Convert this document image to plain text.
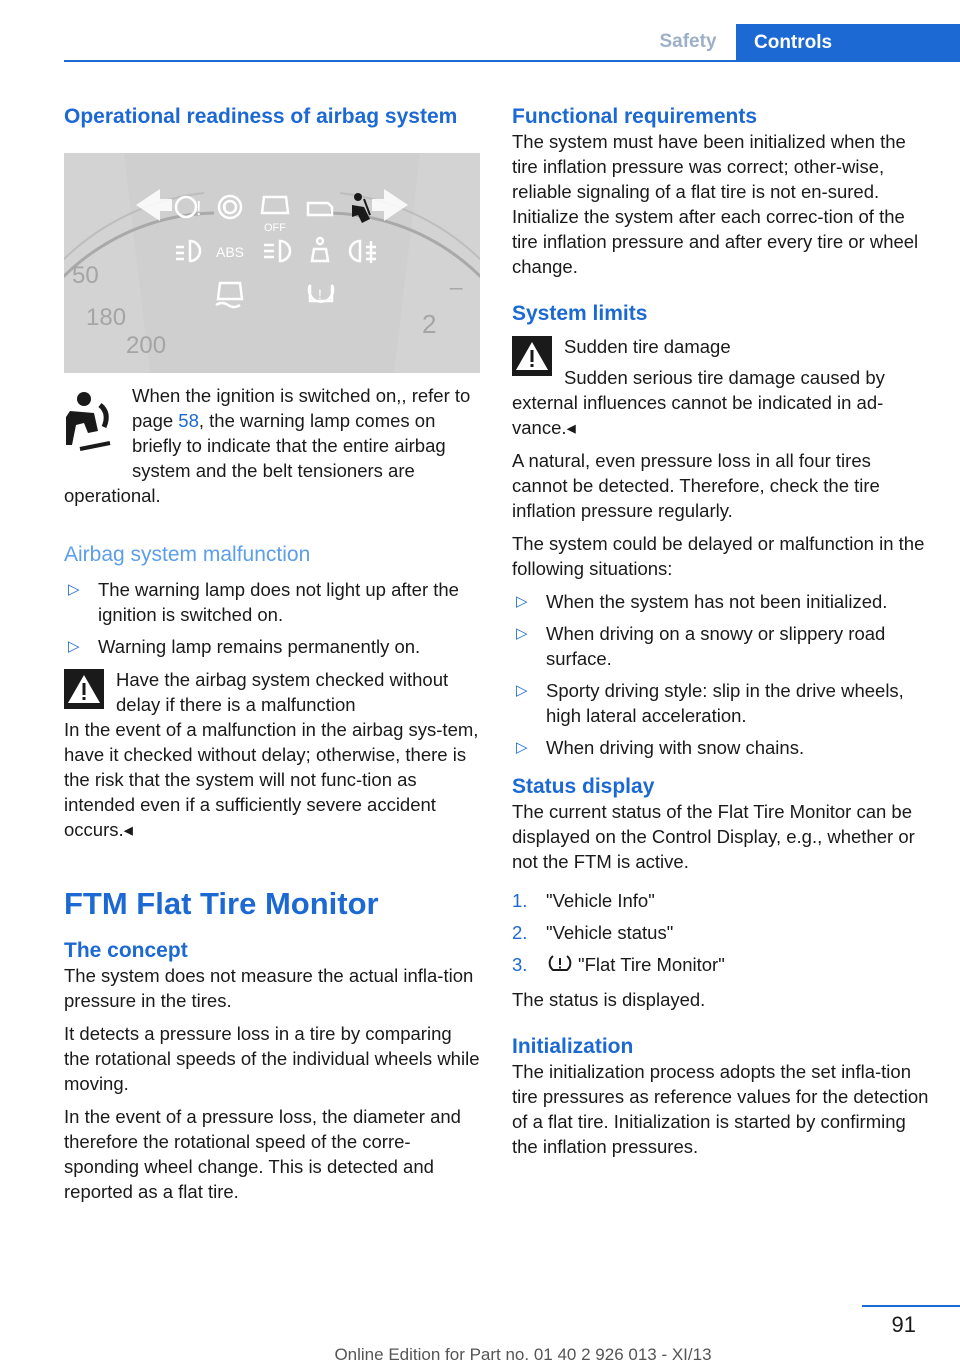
Safety	Controls
Operational readiness of airbag system
50
180
200
2
_
! !
OFF
ABS
!

When the ignition is switched on,, refer to page 58, the warning lamp comes on briefly to indicate that the entire airbag system and the belt tensioners are operational.

Airbag system malfunction
▷ The warning lamp does not light up after the ignition is switched on.
▷ Warning lamp remains permanently on.

Have the airbag system checked without delay if there is a malfunction

In the event of a malfunction in the airbag sys-tem, have it checked without delay; otherwise, there is the risk that the system will not func-tion as intended even if a sufficiently severe accident occurs.◂

FTM Flat Tire Monitor
The concept

The system does not measure the actual infla-tion pressure in the tires.

It detects a pressure loss in a tire by comparing the rotational speeds of the individual wheels while moving.

In the event of a pressure loss, the diameter and therefore the rotational speed of the corre-sponding wheel change. This is detected and reported as a flat tire.

Functional requirements

The system must have been initialized when the tire inflation pressure was correct; other-wise, reliable signaling of a flat tire is not en-sured. Initialize the system after each correc-tion of the tire inflation pressure and after every tire or wheel change.

System limits

Sudden tire damage

Sudden serious tire damage caused by external influences cannot be indicated in ad-vance.◂

A natural, even pressure loss in all four tires cannot be detected. Therefore, check the tire inflation pressure regularly.

The system could be delayed or malfunction in the following situations:

▷ When the system has not been initialized.
▷ When driving on a snowy or slippery road surface.
▷ Sporty driving style: slip in the drive wheels, high lateral acceleration.
▷ When driving with snow chains.
Status display

The current status of the Flat Tire Monitor can be displayed on the Control Display, e.g., whether or not the FTM is active.

1. "Vehicle Info"
2. "Vehicle status"
3.	"Flat Tire Monitor"

The status is displayed.

Initialization

The initialization process adopts the set infla-tion tire pressures as reference values for the detection of a flat tire. Initialization is started by confirming the inflation pressures.

91
Online Edition for Part no. 01 40 2 926 013 - XI/13
